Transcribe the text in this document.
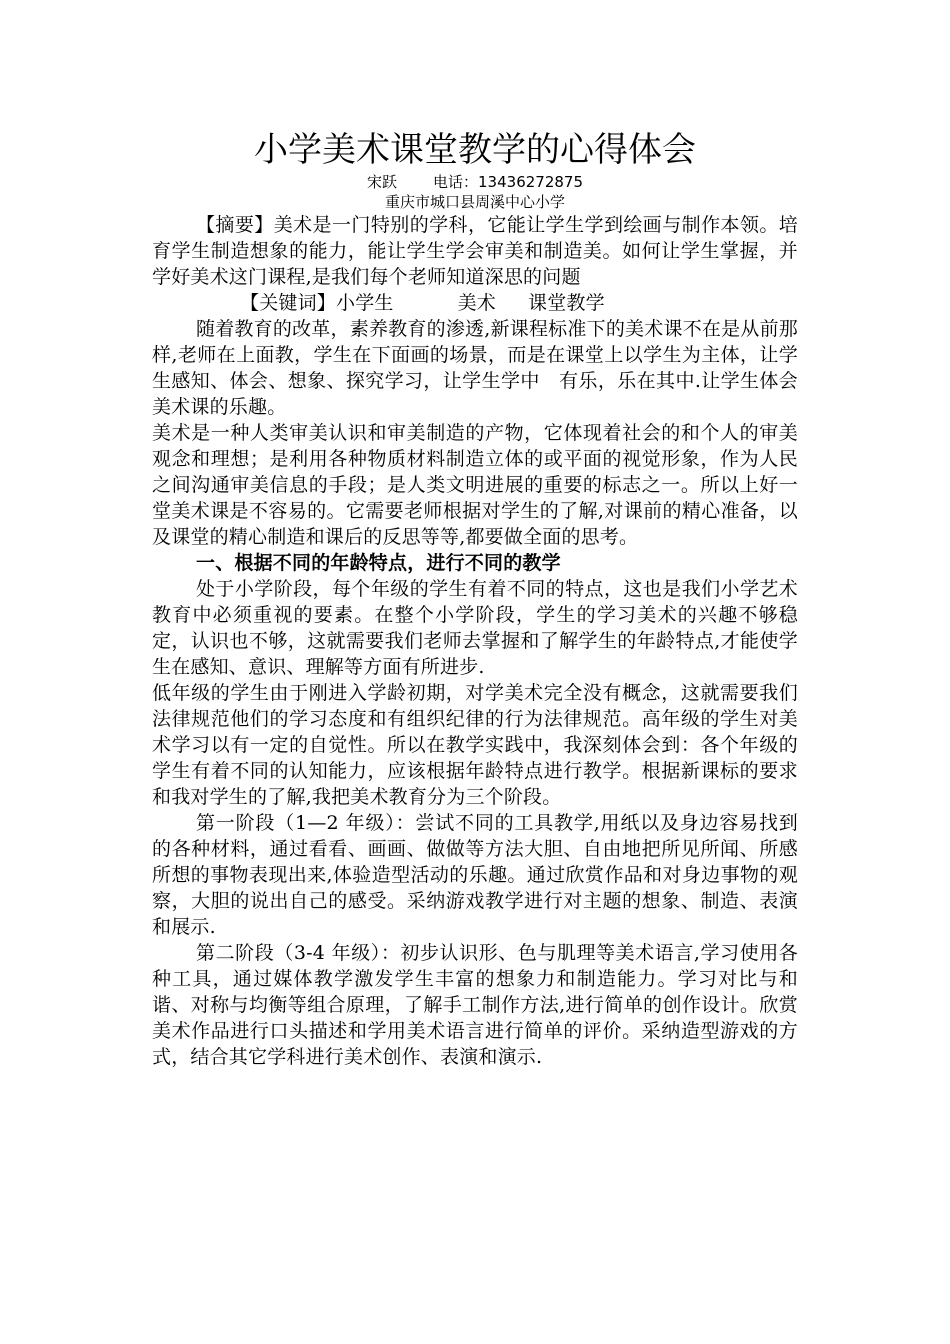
小学美术课堂教学的心得体会

宋跃 电话：13436272875

重庆市城口县周溪中心小学

【摘要】美术是一门特别的学科，它能让学生学到绘画与制作本领。培育学生制造想象的能力，能让学生学会审美和制造美。如何让学生掌握，并学好美术这门课程,是我们每个老师知道深思的问题

【关键词】小学生	美术 课堂教学

随着教育的改革，素养教育的渗透,新课程标准下的美术课不在是从前那样,老师在上面教，学生在下面画的场景，而是在课堂上以学生为主体，让学生感知、体会、想象、探究学习，让学生学中　有乐，乐在其中.让学生体会美术课的乐趣。

美术是一种人类审美认识和审美制造的产物，它体现着社会的和个人的审美观念和理想；是利用各种物质材料制造立体的或平面的视觉形象，作为人民之间沟通审美信息的手段；是人类文明进展的重要的标志之一。所以上好一堂美术课是不容易的。它需要老师根据对学生的了解,对课前的精心准备，以及课堂的精心制造和课后的反思等等,都要做全面的思考。

一、根据不同的年龄特点，进行不同的教学

处于小学阶段，每个年级的学生有着不同的特点，这也是我们小学艺术教育中必须重视的要素。在整个小学阶段，学生的学习美术的兴趣不够稳定，认识也不够，这就需要我们老师去掌握和了解学生的年龄特点,才能使学生在感知、意识、理解等方面有所进步.

低年级的学生由于刚进入学龄初期，对学美术完全没有概念，这就需要我们法律规范他们的学习态度和有组织纪律的行为法律规范。高年级的学生对美术学习以有一定的自觉性。所以在教学实践中，我深刻体会到：各个年级的学生有着不同的认知能力，应该根据年龄特点进行教学。根据新课标的要求和我对学生的了解,我把美术教育分为三个阶段。

第一阶段（1—2 年级）：尝试不同的工具教学,用纸以及身边容易找到的各种材料，通过看看、画画、做做等方法大胆、自由地把所见所闻、所感所想的事物表现出来,体验造型活动的乐趣。通过欣赏作品和对身边事物的观察，大胆的说出自己的感受。采纳游戏教学进行对主题的想象、制造、表演和展示.

第二阶段（3-4 年级）：初步认识形、色与肌理等美术语言,学习使用各种工具，通过媒体教学激发学生丰富的想象力和制造能力。学习对比与和谐、对称与均衡等组合原理，了解手工制作方法,进行简单的创作设计。欣赏美术作品进行口头描述和学用美术语言进行简单的评价。采纳造型游戏的方式，结合其它学科进行美术创作、表演和演示.
